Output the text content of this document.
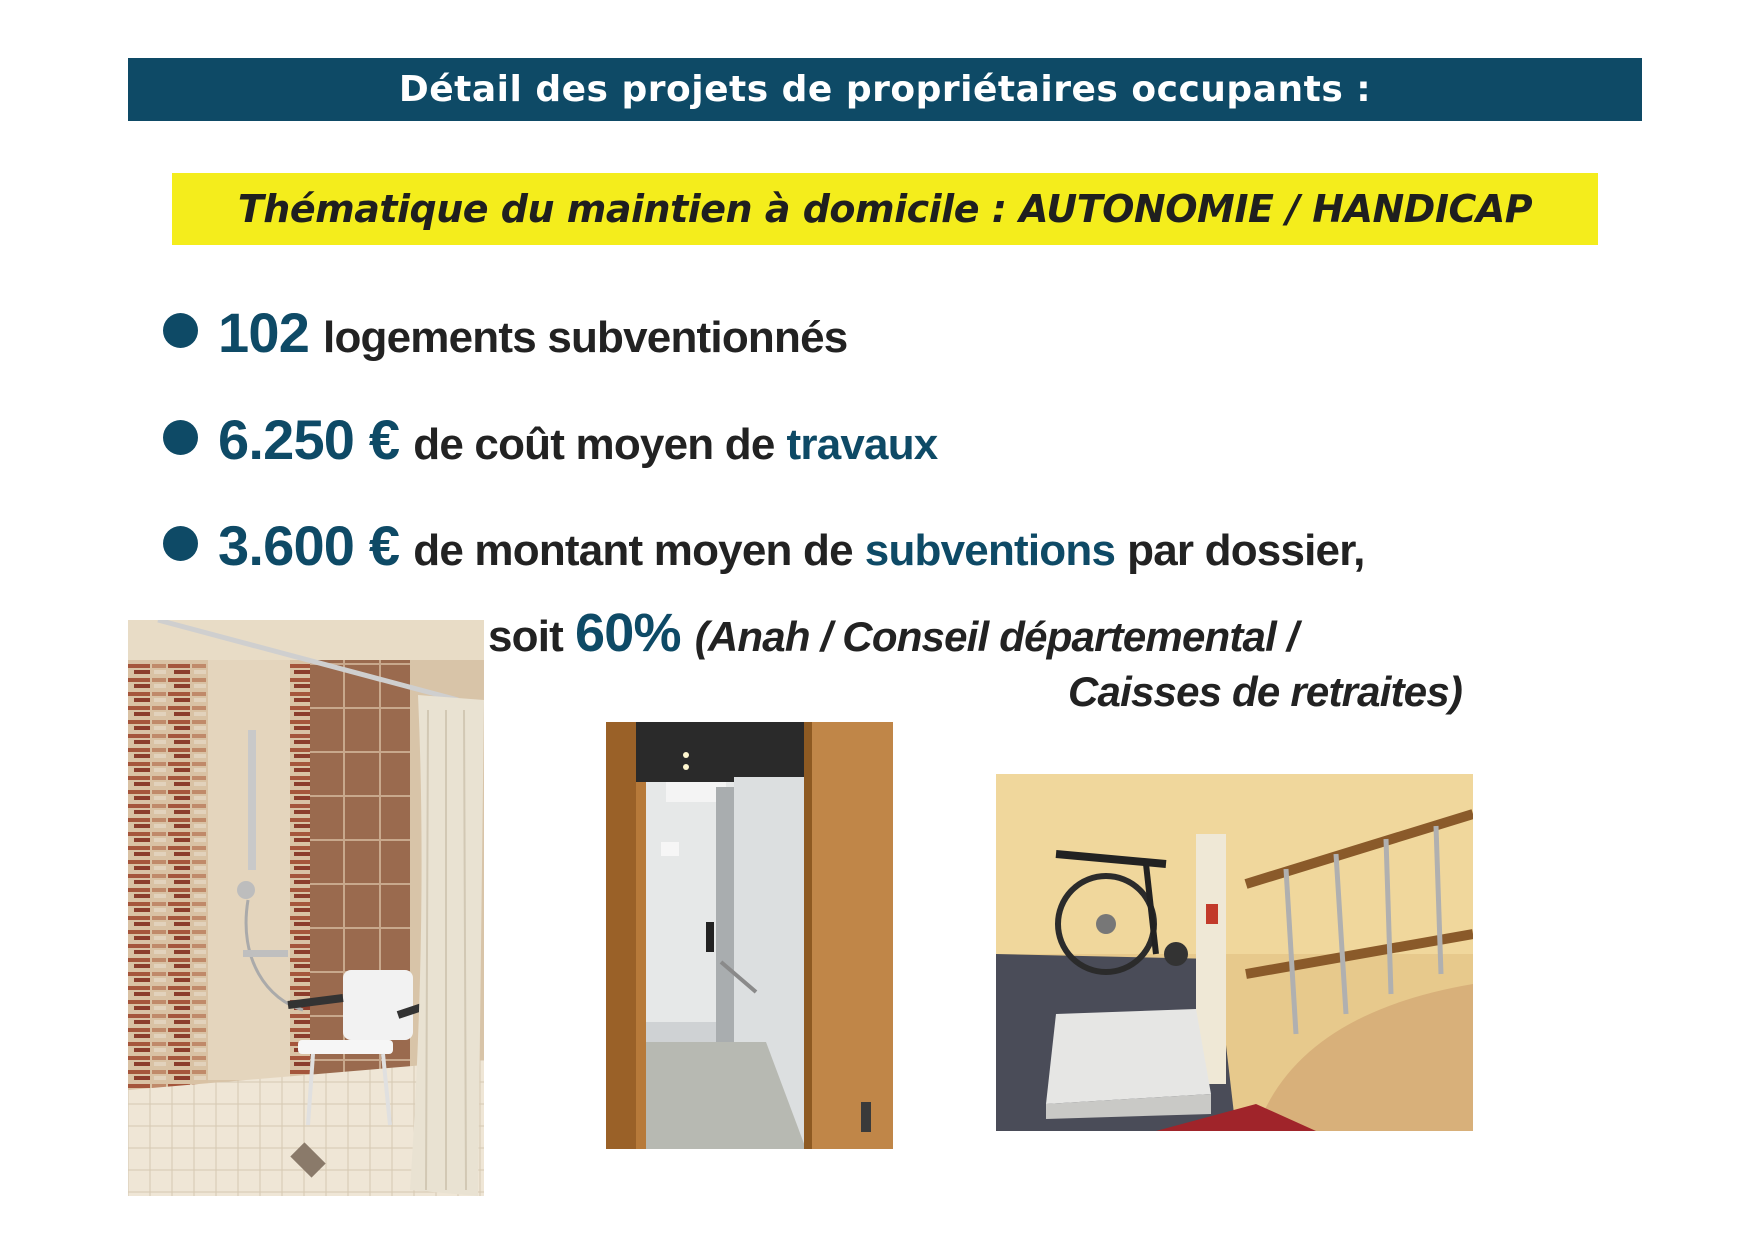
Détail des projets de propriétaires occupants :
Thématique du maintien à domicile : AUTONOMIE / HANDICAP
102 logements subventionnés
6.250 € de coût moyen de travaux
3.600 € de montant moyen de subventions par dossier,
soit 60% (Anah / Conseil départemental /
Caisses de retraites)
